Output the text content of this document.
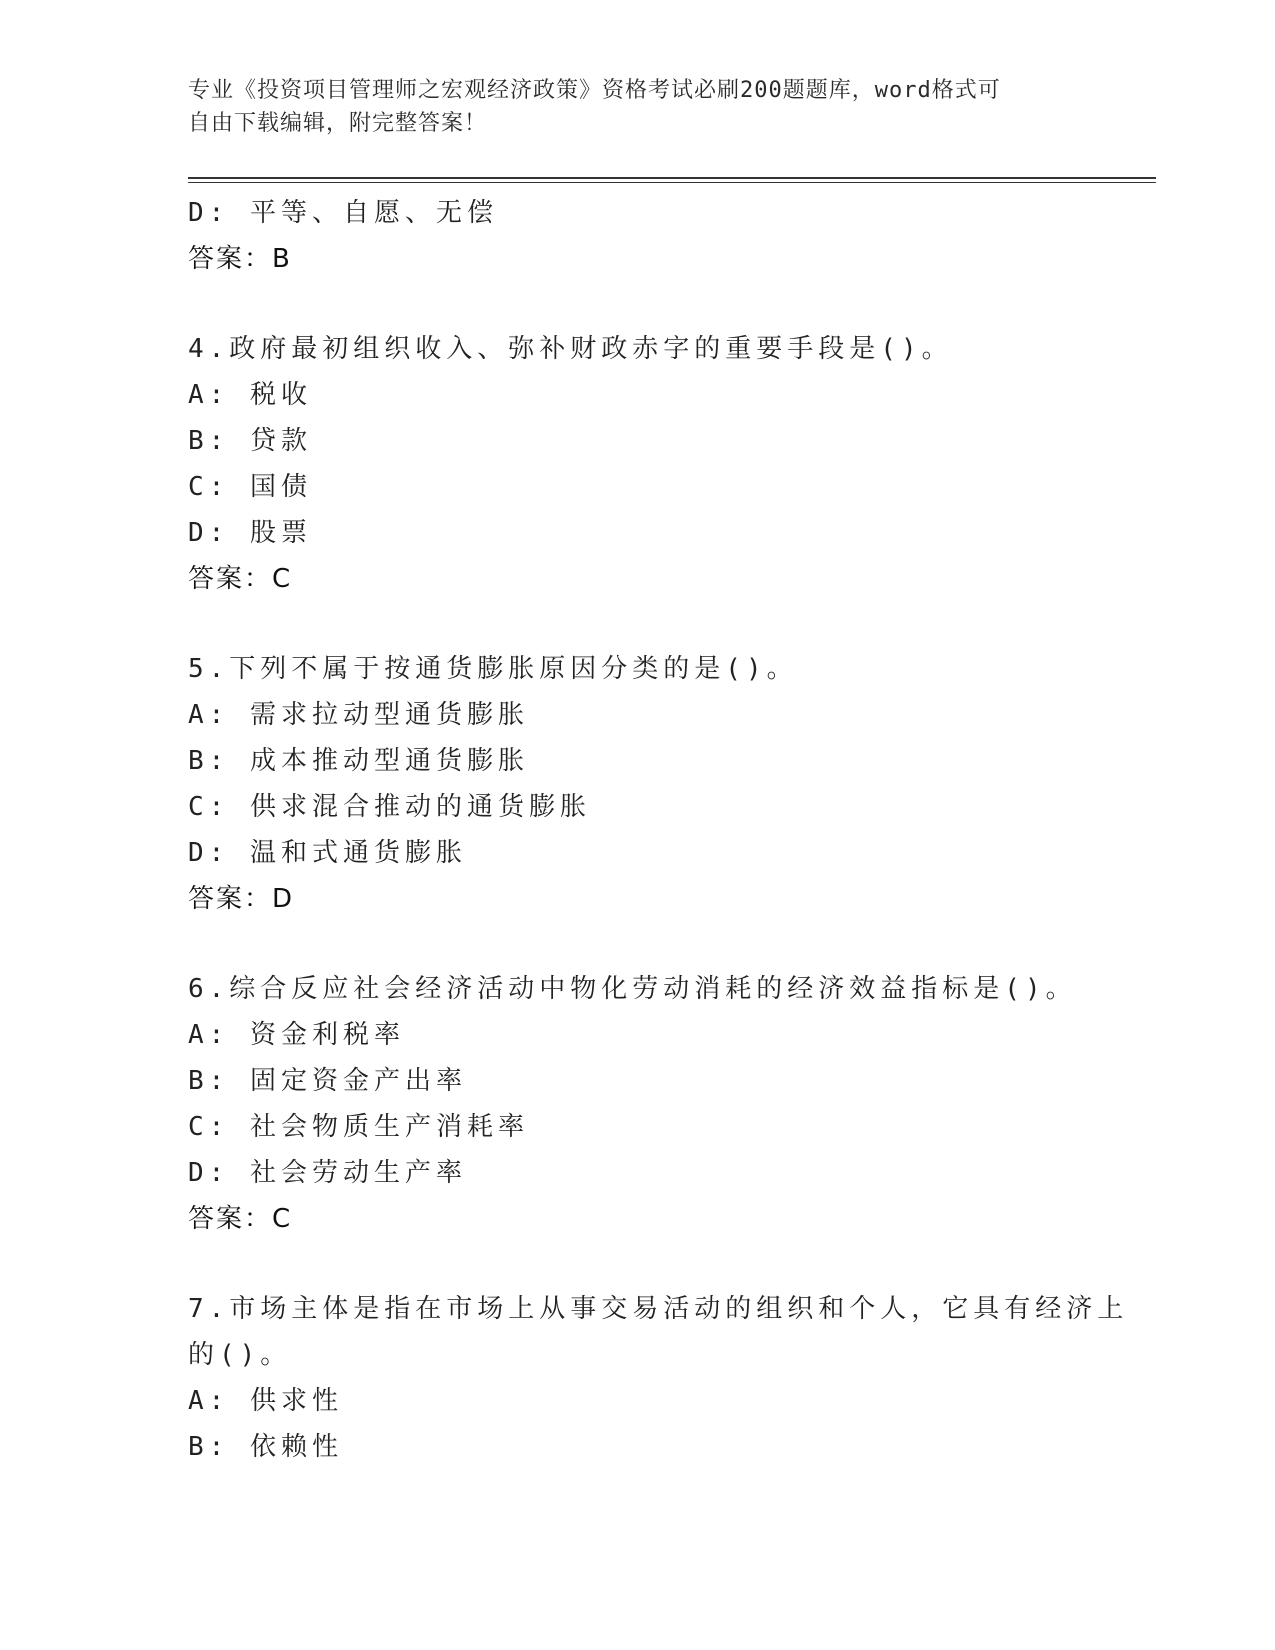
专业《投资项目管理师之宏观经济政策》资格考试必刷200题题库，word格式可
自由下载编辑，附完整答案！
D: 平等、自愿、无偿
答案：B
4.政府最初组织收入、弥补财政赤字的重要手段是()。
A: 税收
B: 贷款
C: 国债
D: 股票
答案：C
5.下列不属于按通货膨胀原因分类的是()。
A: 需求拉动型通货膨胀
B: 成本推动型通货膨胀
C: 供求混合推动的通货膨胀
D: 温和式通货膨胀
答案：D
6.综合反应社会经济活动中物化劳动消耗的经济效益指标是()。
A: 资金利税率
B: 固定资金产出率
C: 社会物质生产消耗率
D: 社会劳动生产率
答案：C
7.市场主体是指在市场上从事交易活动的组织和个人，它具有经济上
的()。
A: 供求性
B: 依赖性
